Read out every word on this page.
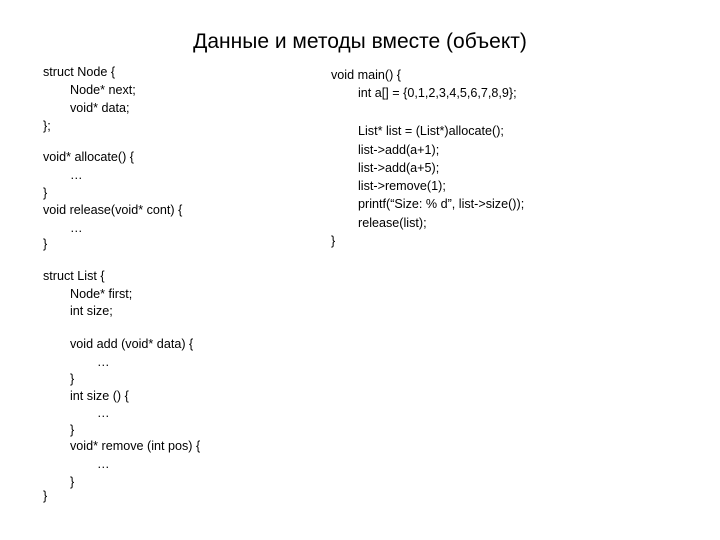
Данные и методы вместе (объект)
struct Node {
Node* next;
void* data;
};
void* allocate() {
…
}
void release(void* cont) {
…
}
struct List {
Node* first;
int size;
void add (void* data) {
…
}
int size () {
…
}
void* remove (int pos) {
…
}
}
void main() {
int a[] = {0,1,2,3,4,5,6,7,8,9};
List* list = (List*)allocate();
list->add(a+1);
list->add(a+5);
list->remove(1);
printf(“Size: % d”, list->size());
release(list);
}
